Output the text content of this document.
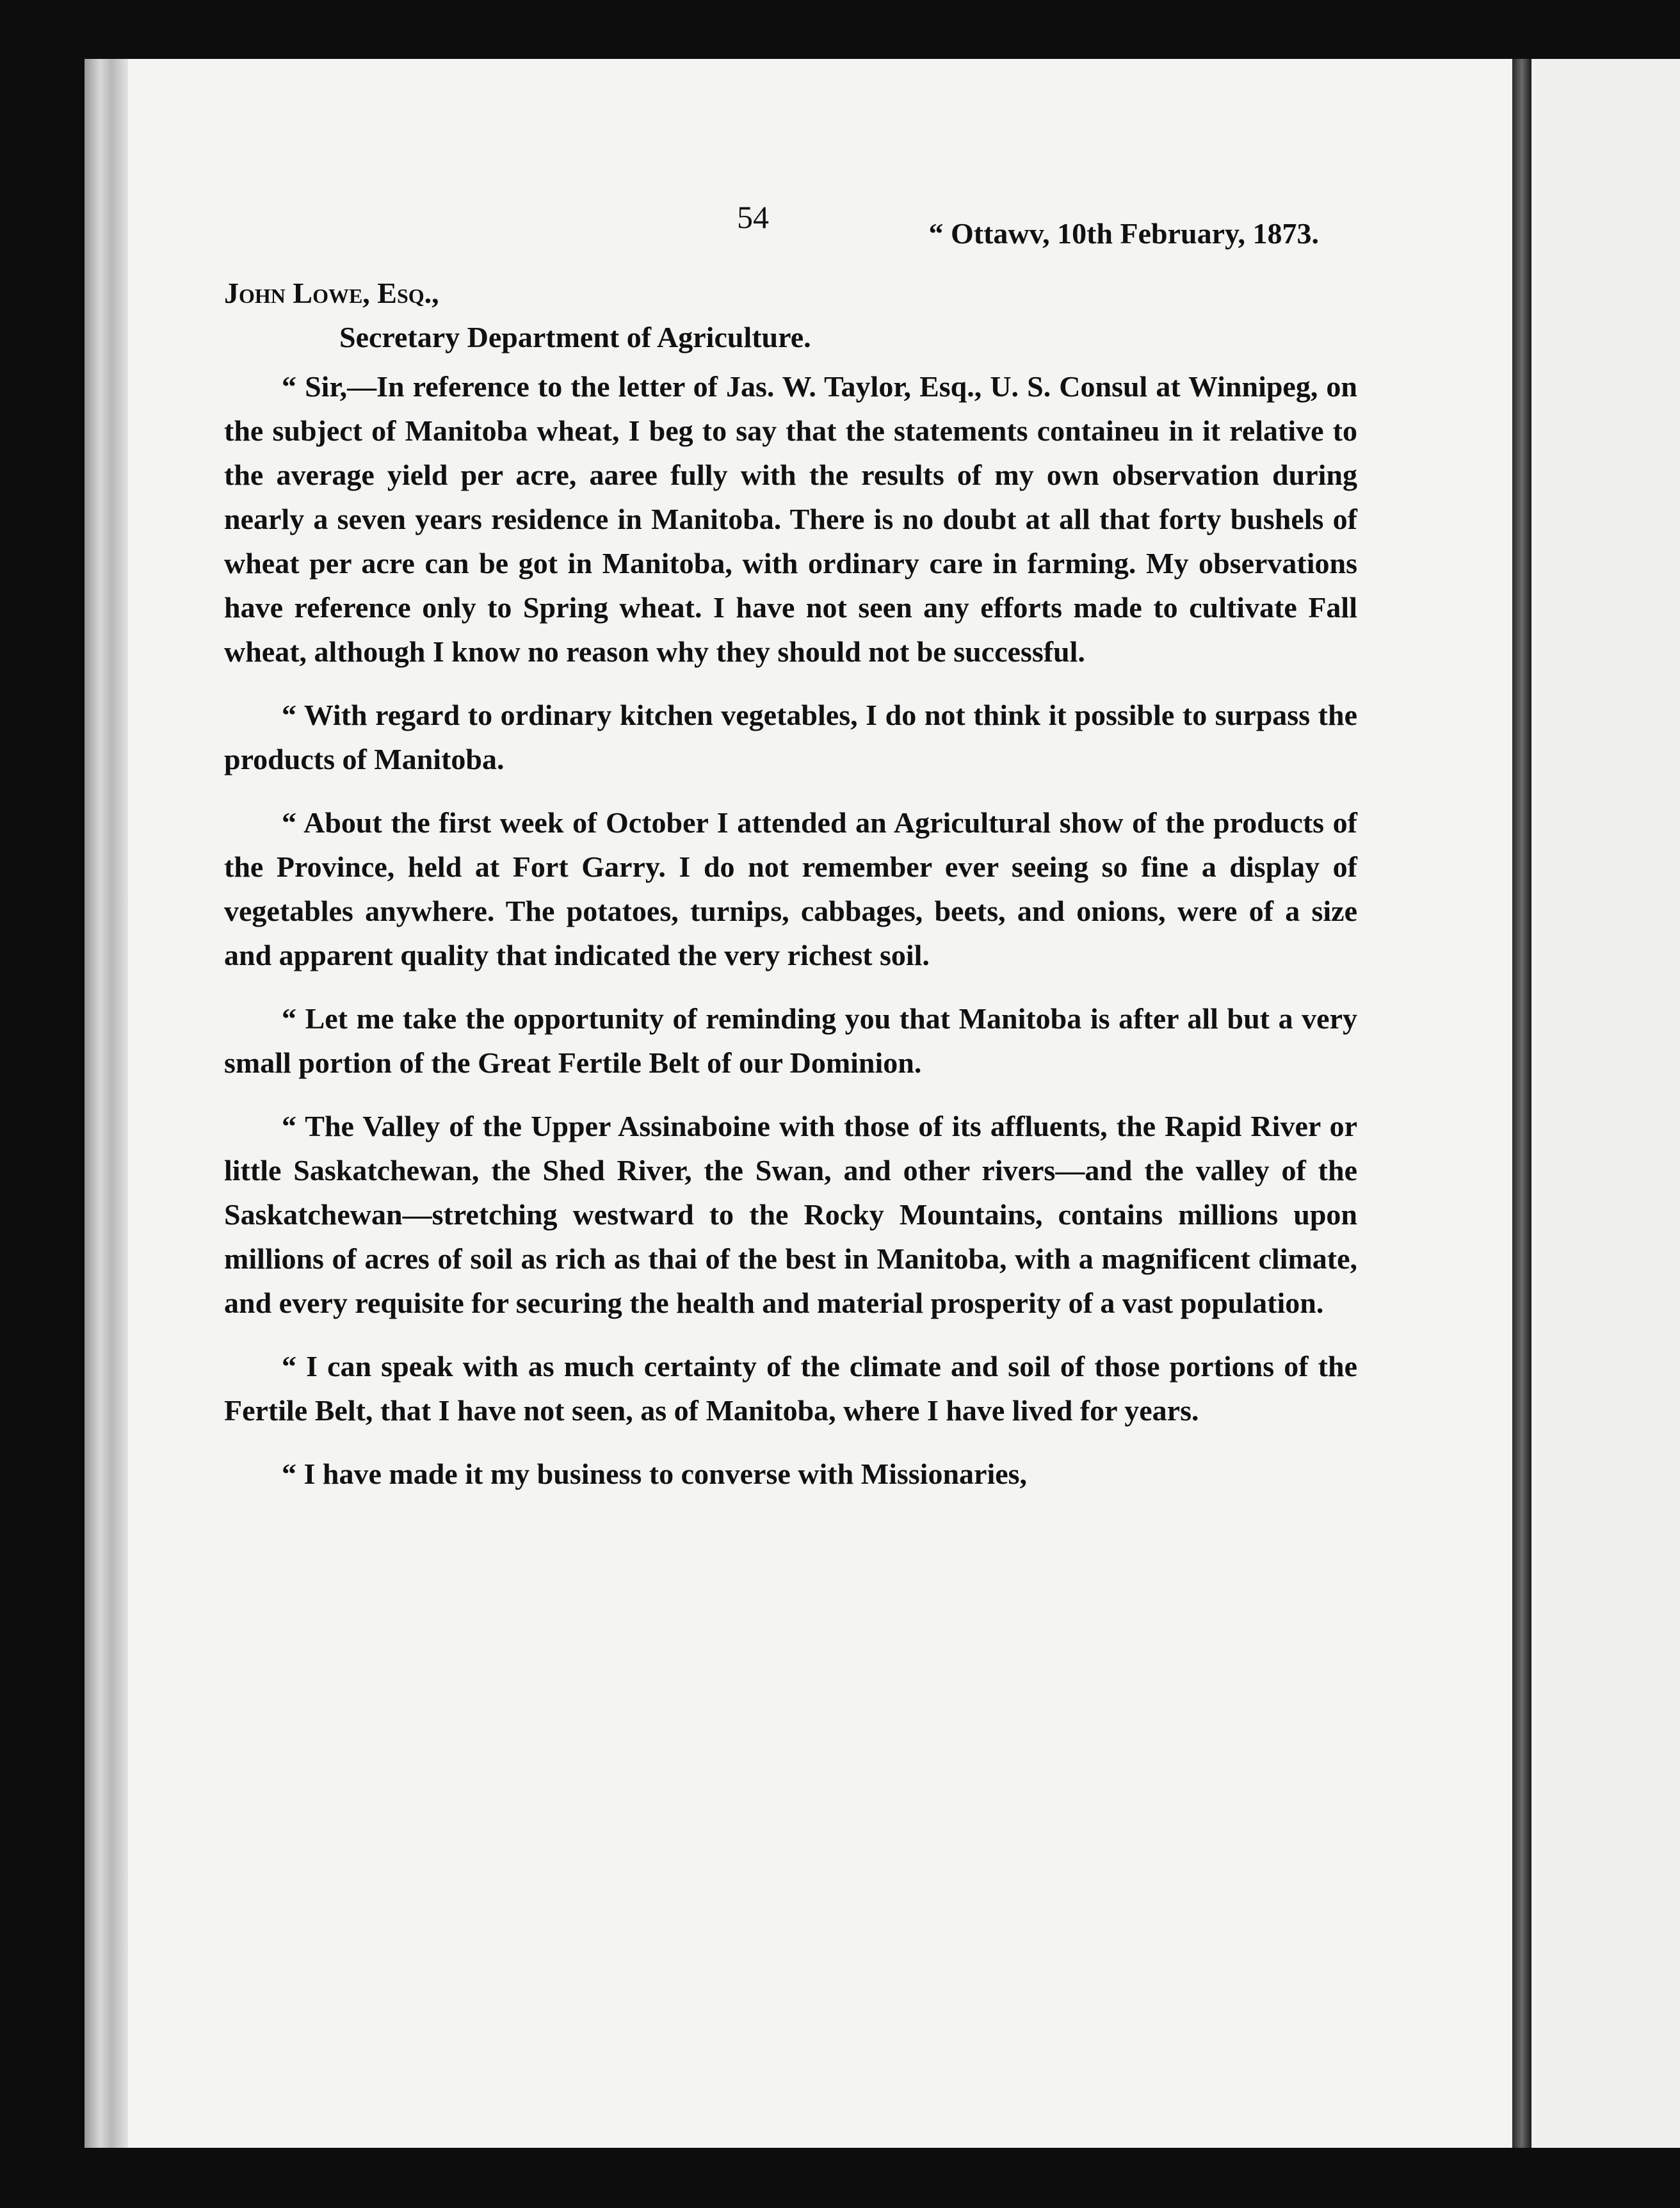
54	“ Ottawv, 10th February, 1873.
John Lowe, Esq.,
Secretary Department of Agriculture.

“ Sir,—In reference to the letter of Jas. W. Taylor, Esq., U. S. Consul at Winnipeg, on the subject of Manitoba wheat, I beg to say that the statements containeu in it relative to the average yield per acre, aaree fully with the results of my own observation during nearly a seven years residence in Manitoba. There is no doubt at all that forty bushels of wheat per acre can be got in Manitoba, with ordinary care in farming. My observations have reference only to Spring wheat. I have not seen any efforts made to cultivate Fall wheat, although I know no reason why they should not be successful.

“ With regard to ordinary kitchen vegetables, I do not think it possible to surpass the products of Manitoba.

“ About the first week of October I attended an Agricultural show of the products of the Province, held at Fort Garry. I do not remember ever seeing so fine a display of vegetables anywhere. The potatoes, turnips, cabbages, beets, and onions, were of a size and apparent quality that indicated the very richest soil.

“ Let me take the opportunity of reminding you that Manitoba is after all but a very small portion of the Great Fertile Belt of our Dominion.

“ The Valley of the Upper Assinaboine with those of its affluents, the Rapid River or little Saskatchewan, the Shed River, the Swan, and other rivers—and the valley of the Saskatchewan—stretching westward to the Rocky Mountains, contains millions upon millions of acres of soil as rich as thai of the best in Manitoba, with a magnificent climate, and every requisite for securing the health and material prosperity of a vast population.

“ I can speak with as much certainty of the climate and soil of those portions of the Fertile Belt, that I have not seen, as of Manitoba, where I have lived for years.

“ I have made it my business to converse with Missionaries,
